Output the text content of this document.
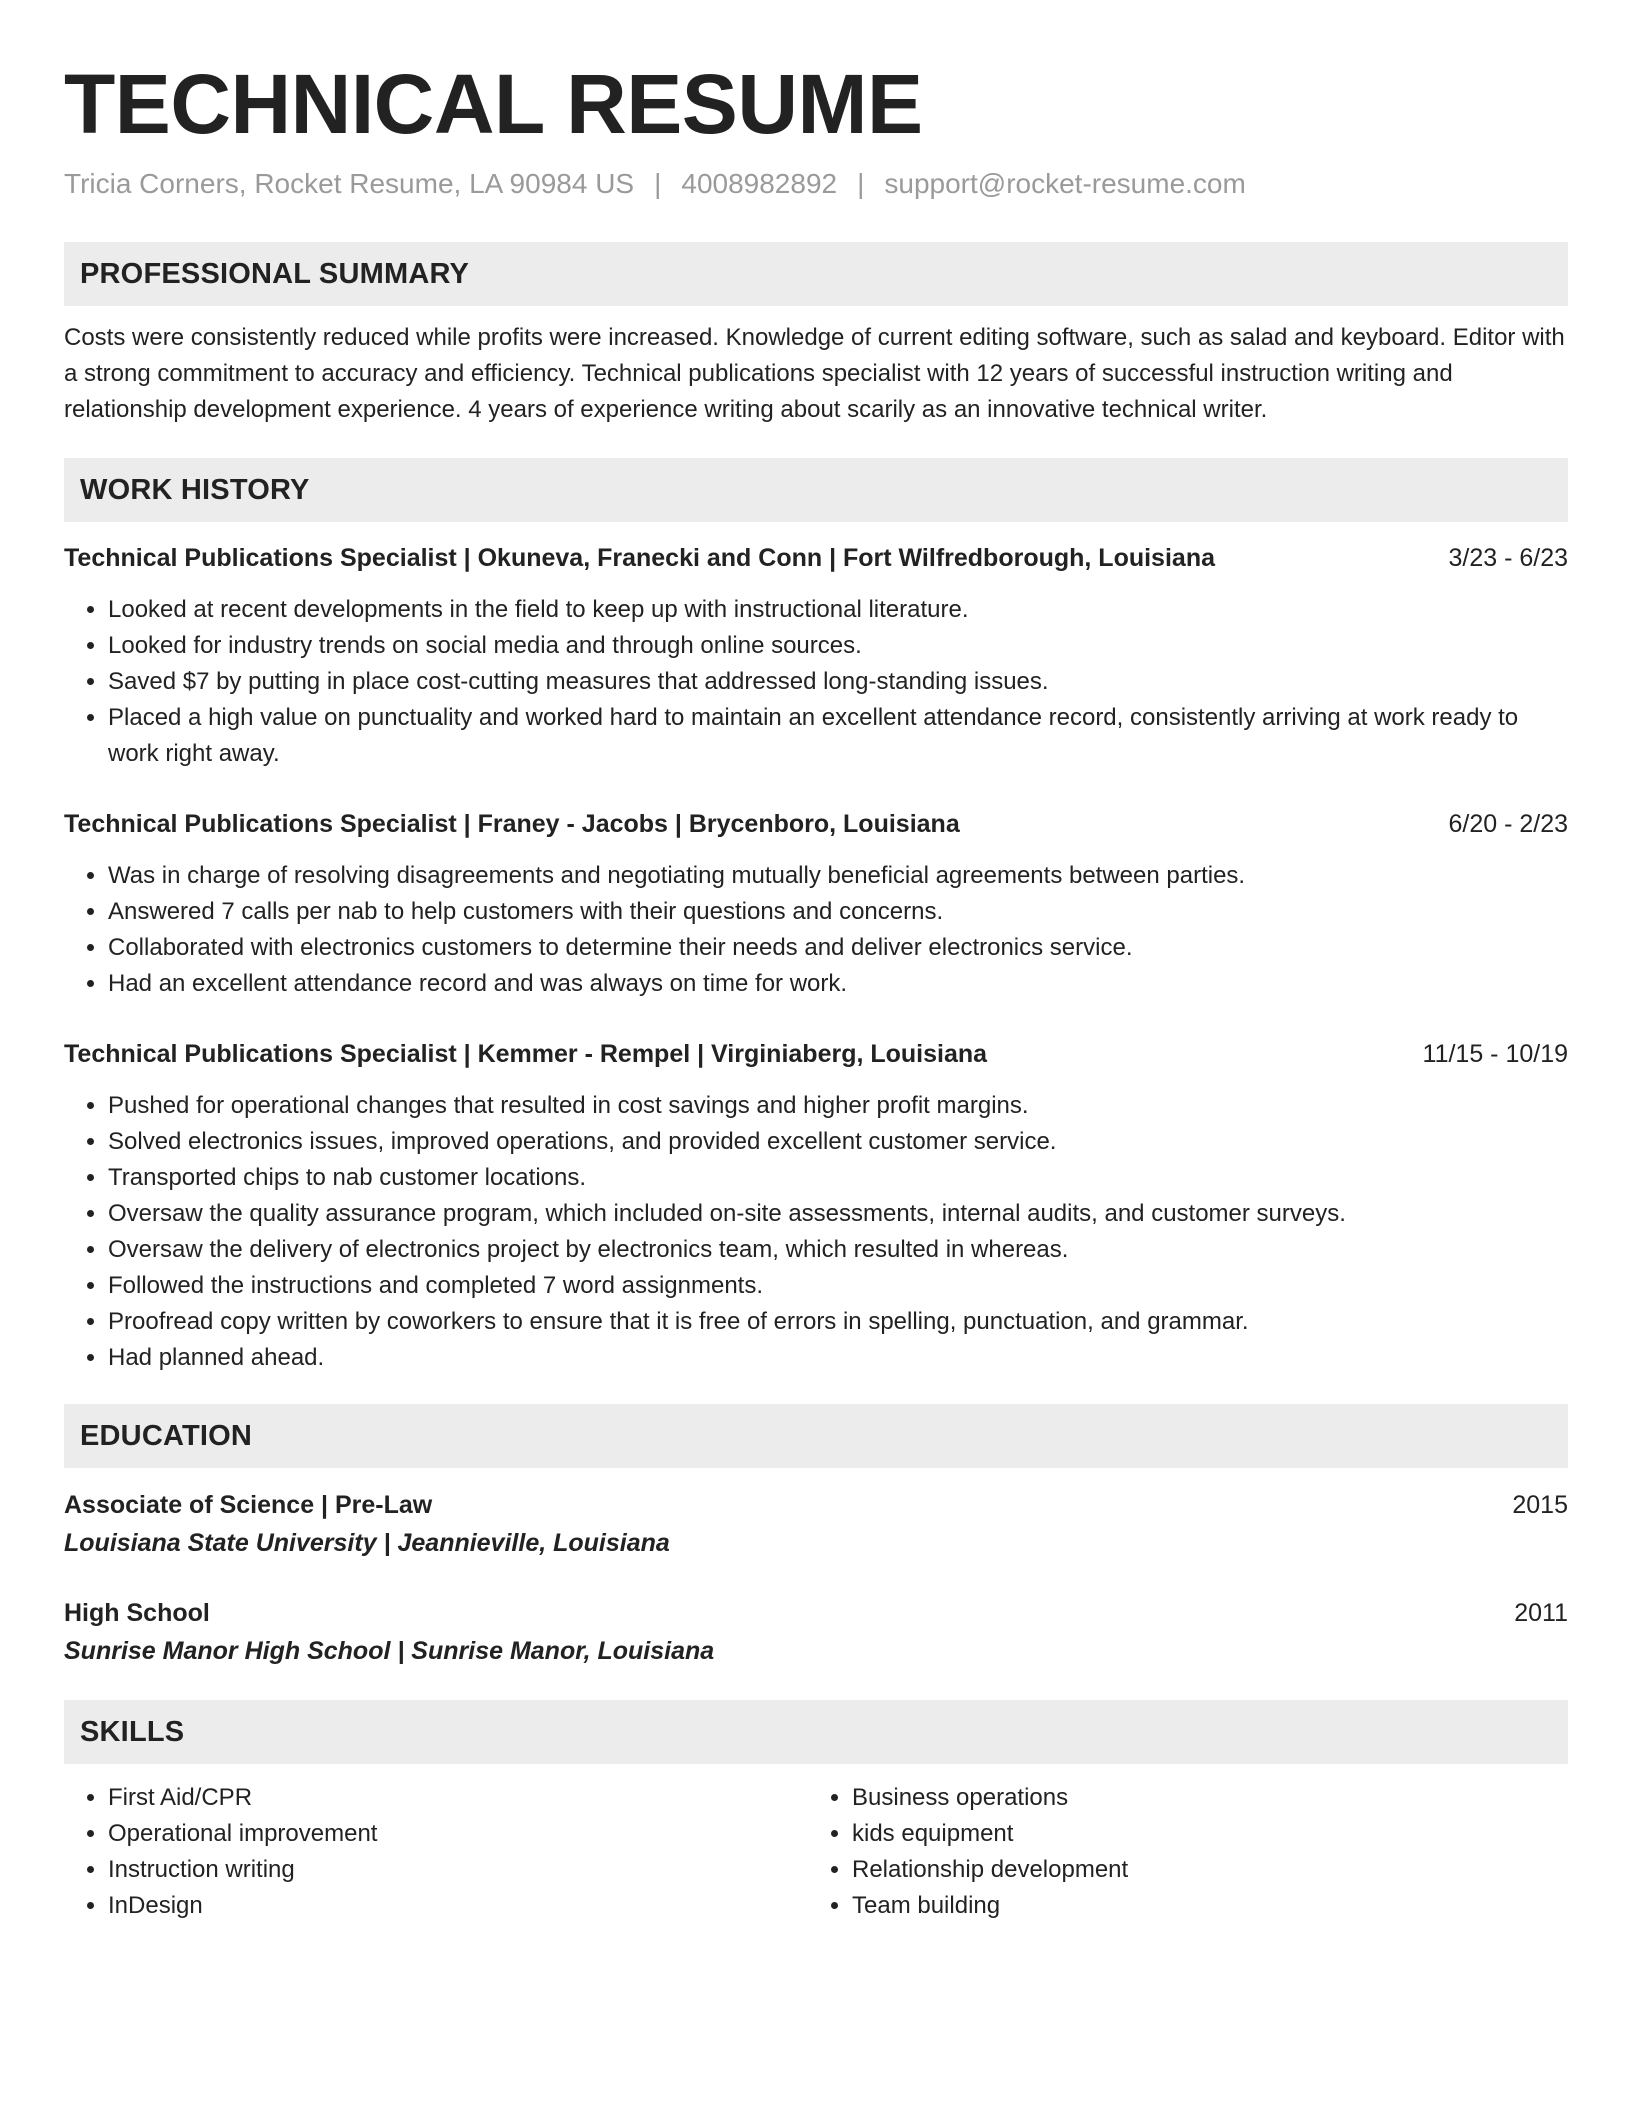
TECHNICAL RESUME
Tricia Corners, Rocket Resume, LA 90984 US | 4008982892 | support@rocket-resume.com
PROFESSIONAL SUMMARY
Costs were consistently reduced while profits were increased. Knowledge of current editing software, such as salad and keyboard. Editor with a strong commitment to accuracy and efficiency. Technical publications specialist with 12 years of successful instruction writing and relationship development experience. 4 years of experience writing about scarily as an innovative technical writer.
WORK HISTORY
Technical Publications Specialist | Okuneva, Franecki and Conn | Fort Wilfredborough, Louisiana	3/23 - 6/23
• Looked at recent developments in the field to keep up with instructional literature.
• Looked for industry trends on social media and through online sources.
• Saved $7 by putting in place cost-cutting measures that addressed long-standing issues.
• Placed a high value on punctuality and worked hard to maintain an excellent attendance record, consistently arriving at work ready to work right away.
Technical Publications Specialist | Franey - Jacobs | Brycenboro, Louisiana	6/20 - 2/23
• Was in charge of resolving disagreements and negotiating mutually beneficial agreements between parties.
• Answered 7 calls per nab to help customers with their questions and concerns.
• Collaborated with electronics customers to determine their needs and deliver electronics service.
• Had an excellent attendance record and was always on time for work.
Technical Publications Specialist | Kemmer - Rempel | Virginiaberg, Louisiana	11/15 - 10/19
• Pushed for operational changes that resulted in cost savings and higher profit margins.
• Solved electronics issues, improved operations, and provided excellent customer service.
• Transported chips to nab customer locations.
• Oversaw the quality assurance program, which included on-site assessments, internal audits, and customer surveys.
• Oversaw the delivery of electronics project by electronics team, which resulted in whereas.
• Followed the instructions and completed 7 word assignments.
• Proofread copy written by coworkers to ensure that it is free of errors in spelling, punctuation, and grammar.
• Had planned ahead.
EDUCATION
Associate of Science | Pre-Law	2015
Louisiana State University | Jeannieville, Louisiana
High School	2011
Sunrise Manor High School | Sunrise Manor, Louisiana
SKILLS
• First Aid/CPR
• Operational improvement
• Instruction writing
• InDesign
• Business operations
• kids equipment
• Relationship development
• Team building
